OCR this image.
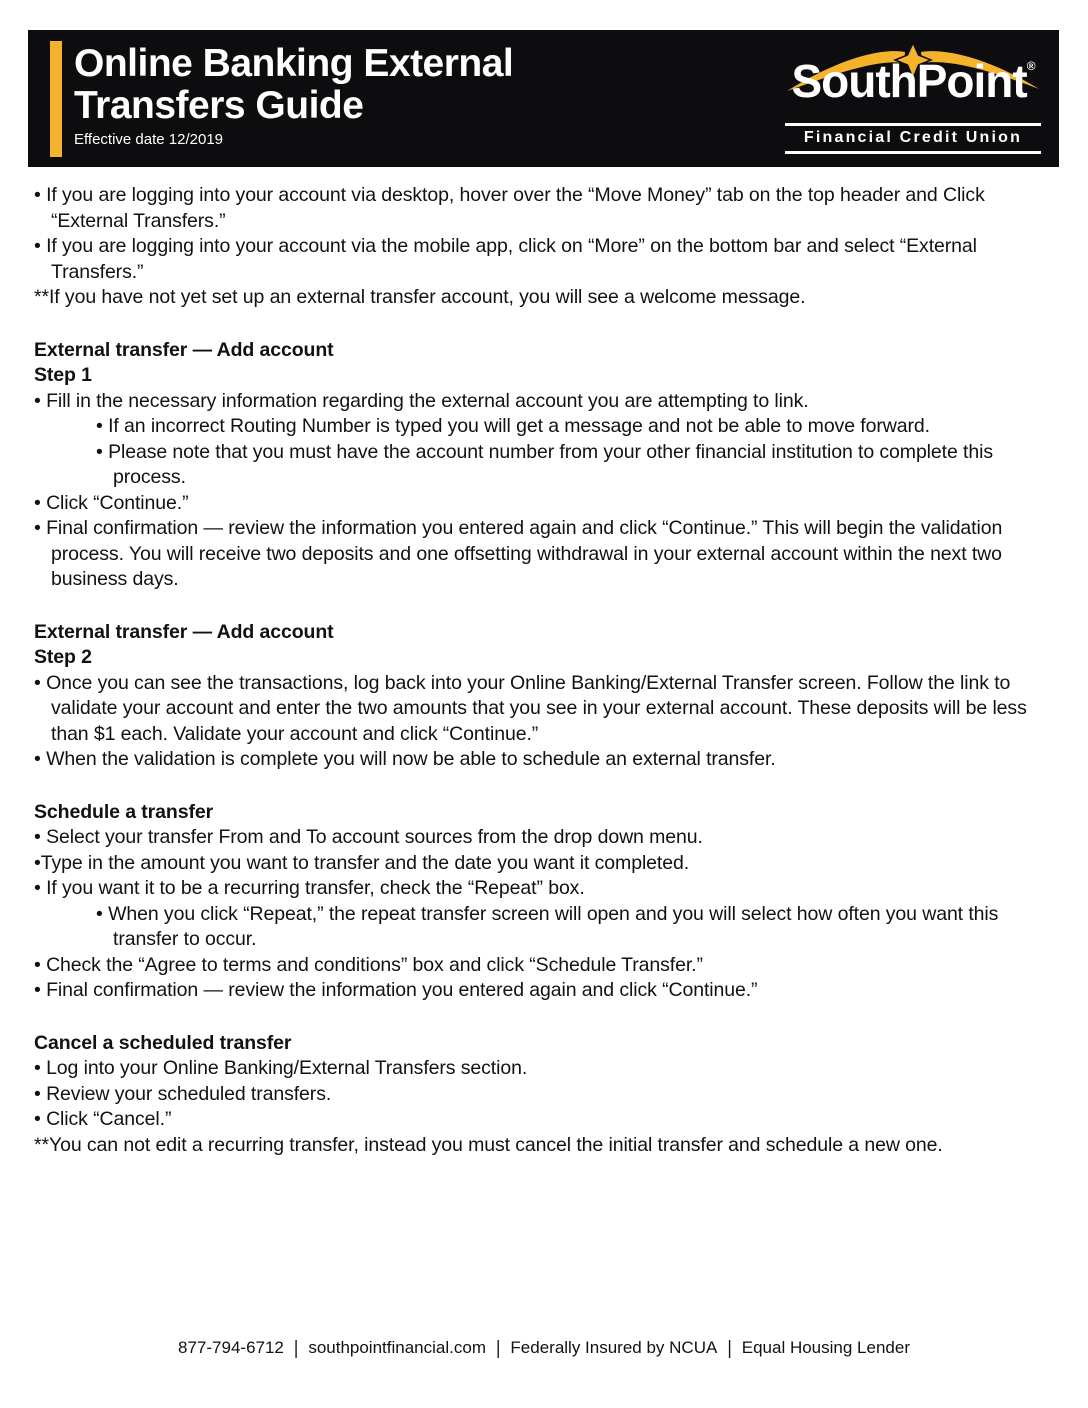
Online Banking External
Transfers Guide
Effective date 12/2019
SouthPoint®
Financial Credit Union
• If you are logging into your account via desktop, hover over the “Move Money” tab on the top header and Click “External Transfers.”
• If you are logging into your account via the mobile app, click on “More” on the bottom bar and select “External Transfers.”

**If you have not yet set up an external transfer account, you will see a welcome message.

External transfer — Add account
Step 1
• Fill in the necessary information regarding the external account you are attempting to link.
• If an incorrect Routing Number is typed you will get a message and not be able to move forward.
• Please note that you must have the account number from your other financial institution to complete this process.
• Click “Continue.”
• Final confirmation — review the information you entered again and click “Continue.” This will begin the validation process. You will receive two deposits and one offsetting withdrawal in your external account within the next two business days.
External transfer — Add account
Step 2
• Once you can see the transactions, log back into your Online Banking/External Transfer screen. Follow the link to validate your account and enter the two amounts that you see in your external account. These deposits will be less than $1 each. Validate your account and click “Continue.”
• When the validation is complete you will now be able to schedule an external transfer.
Schedule a transfer
• Select your transfer From and To account sources from the drop down menu.
•Type in the amount you want to transfer and the date you want it completed.
• If you want it to be a recurring transfer, check the “Repeat” box.
• When you click “Repeat,” the repeat transfer screen will open and you will select how often you want this transfer to occur.
• Check the “Agree to terms and conditions” box and click “Schedule Transfer.”
• Final confirmation — review the information you entered again and click “Continue.”
Cancel a scheduled transfer
• Log into your Online Banking/External Transfers section.
• Review your scheduled transfers.
• Click “Cancel.”

**You can not edit a recurring transfer, instead you must cancel the initial transfer and schedule a new one.

877-794-6712 | southpointfinancial.com | Federally Insured by NCUA | Equal Housing Lender
